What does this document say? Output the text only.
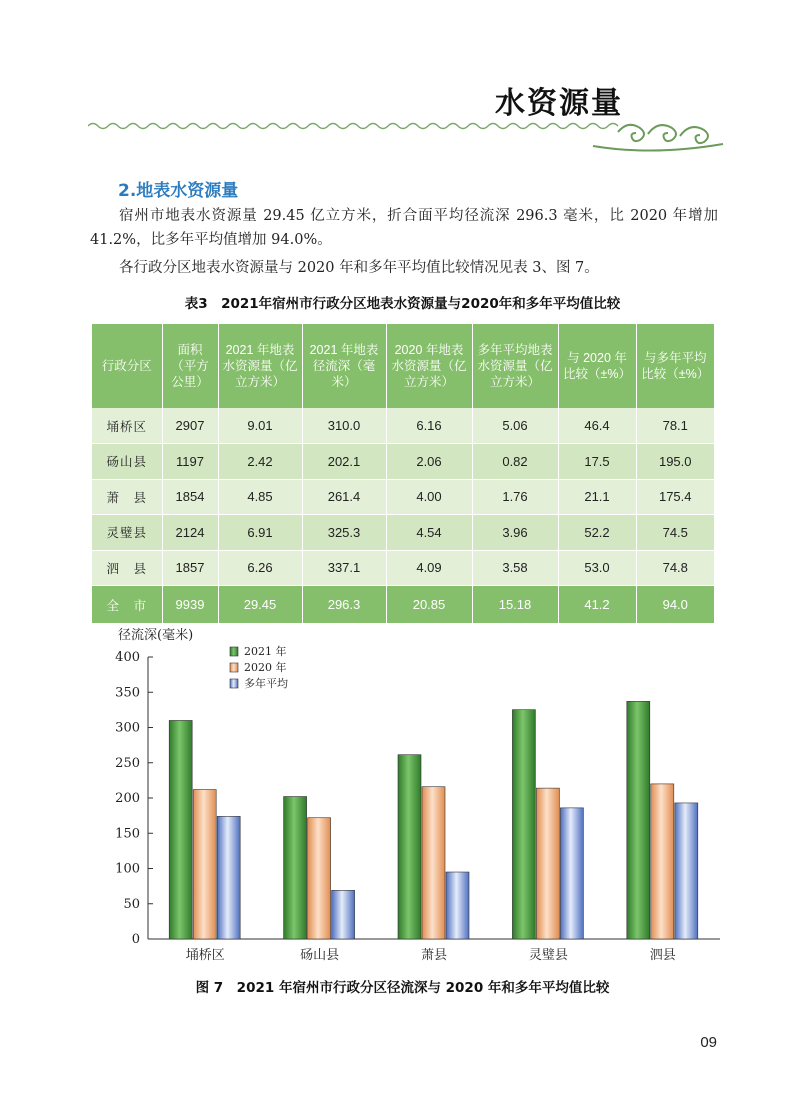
水资源量
2.地表水资源量

宿州市地表水资源量 29.45 亿立方米，折合面平均径流深 296.3 毫米，比 2020 年增加 41.2%，比多年平均值增加 94.0%。

各行政分区地表水资源量与 2020 年和多年平均值比较情况见表 3、图 7。

表3　2021年宿州市行政分区地表水资源量与2020年和多年平均值比较
行政分区	面积（平方公里）	2021 年地表水资源量（亿立方米）	2021 年地表径流深（毫米）	2020 年地表水资源量（亿立方米）	多年平均地表水资源量（亿立方米）	与 2020 年比较（±%）	与多年平均比较（±%）
埇桥区	2907	9.01	310.0	6.16	5.06	46.4	78.1
砀山县	1197	2.42	202.1	2.06	0.82	17.5	195.0
萧　县	1854	4.85	261.4	4.00	1.76	21.1	175.4
灵璧县	2124	6.91	325.3	4.54	3.96	52.2	74.5
泗　县	1857	6.26	337.1	4.09	3.58	53.0	74.8
全　市	9939	29.45	296.3	20.85	15.18	41.2	94.0
0
50
100
150
200
250
300
350
400
径流深(毫米)
埇桥区	砀山县	萧县	灵璧县	泗县
2021 年
2020 年
多年平均
图 7　2021 年宿州市行政分区径流深与 2020 年和多年平均值比较
09
